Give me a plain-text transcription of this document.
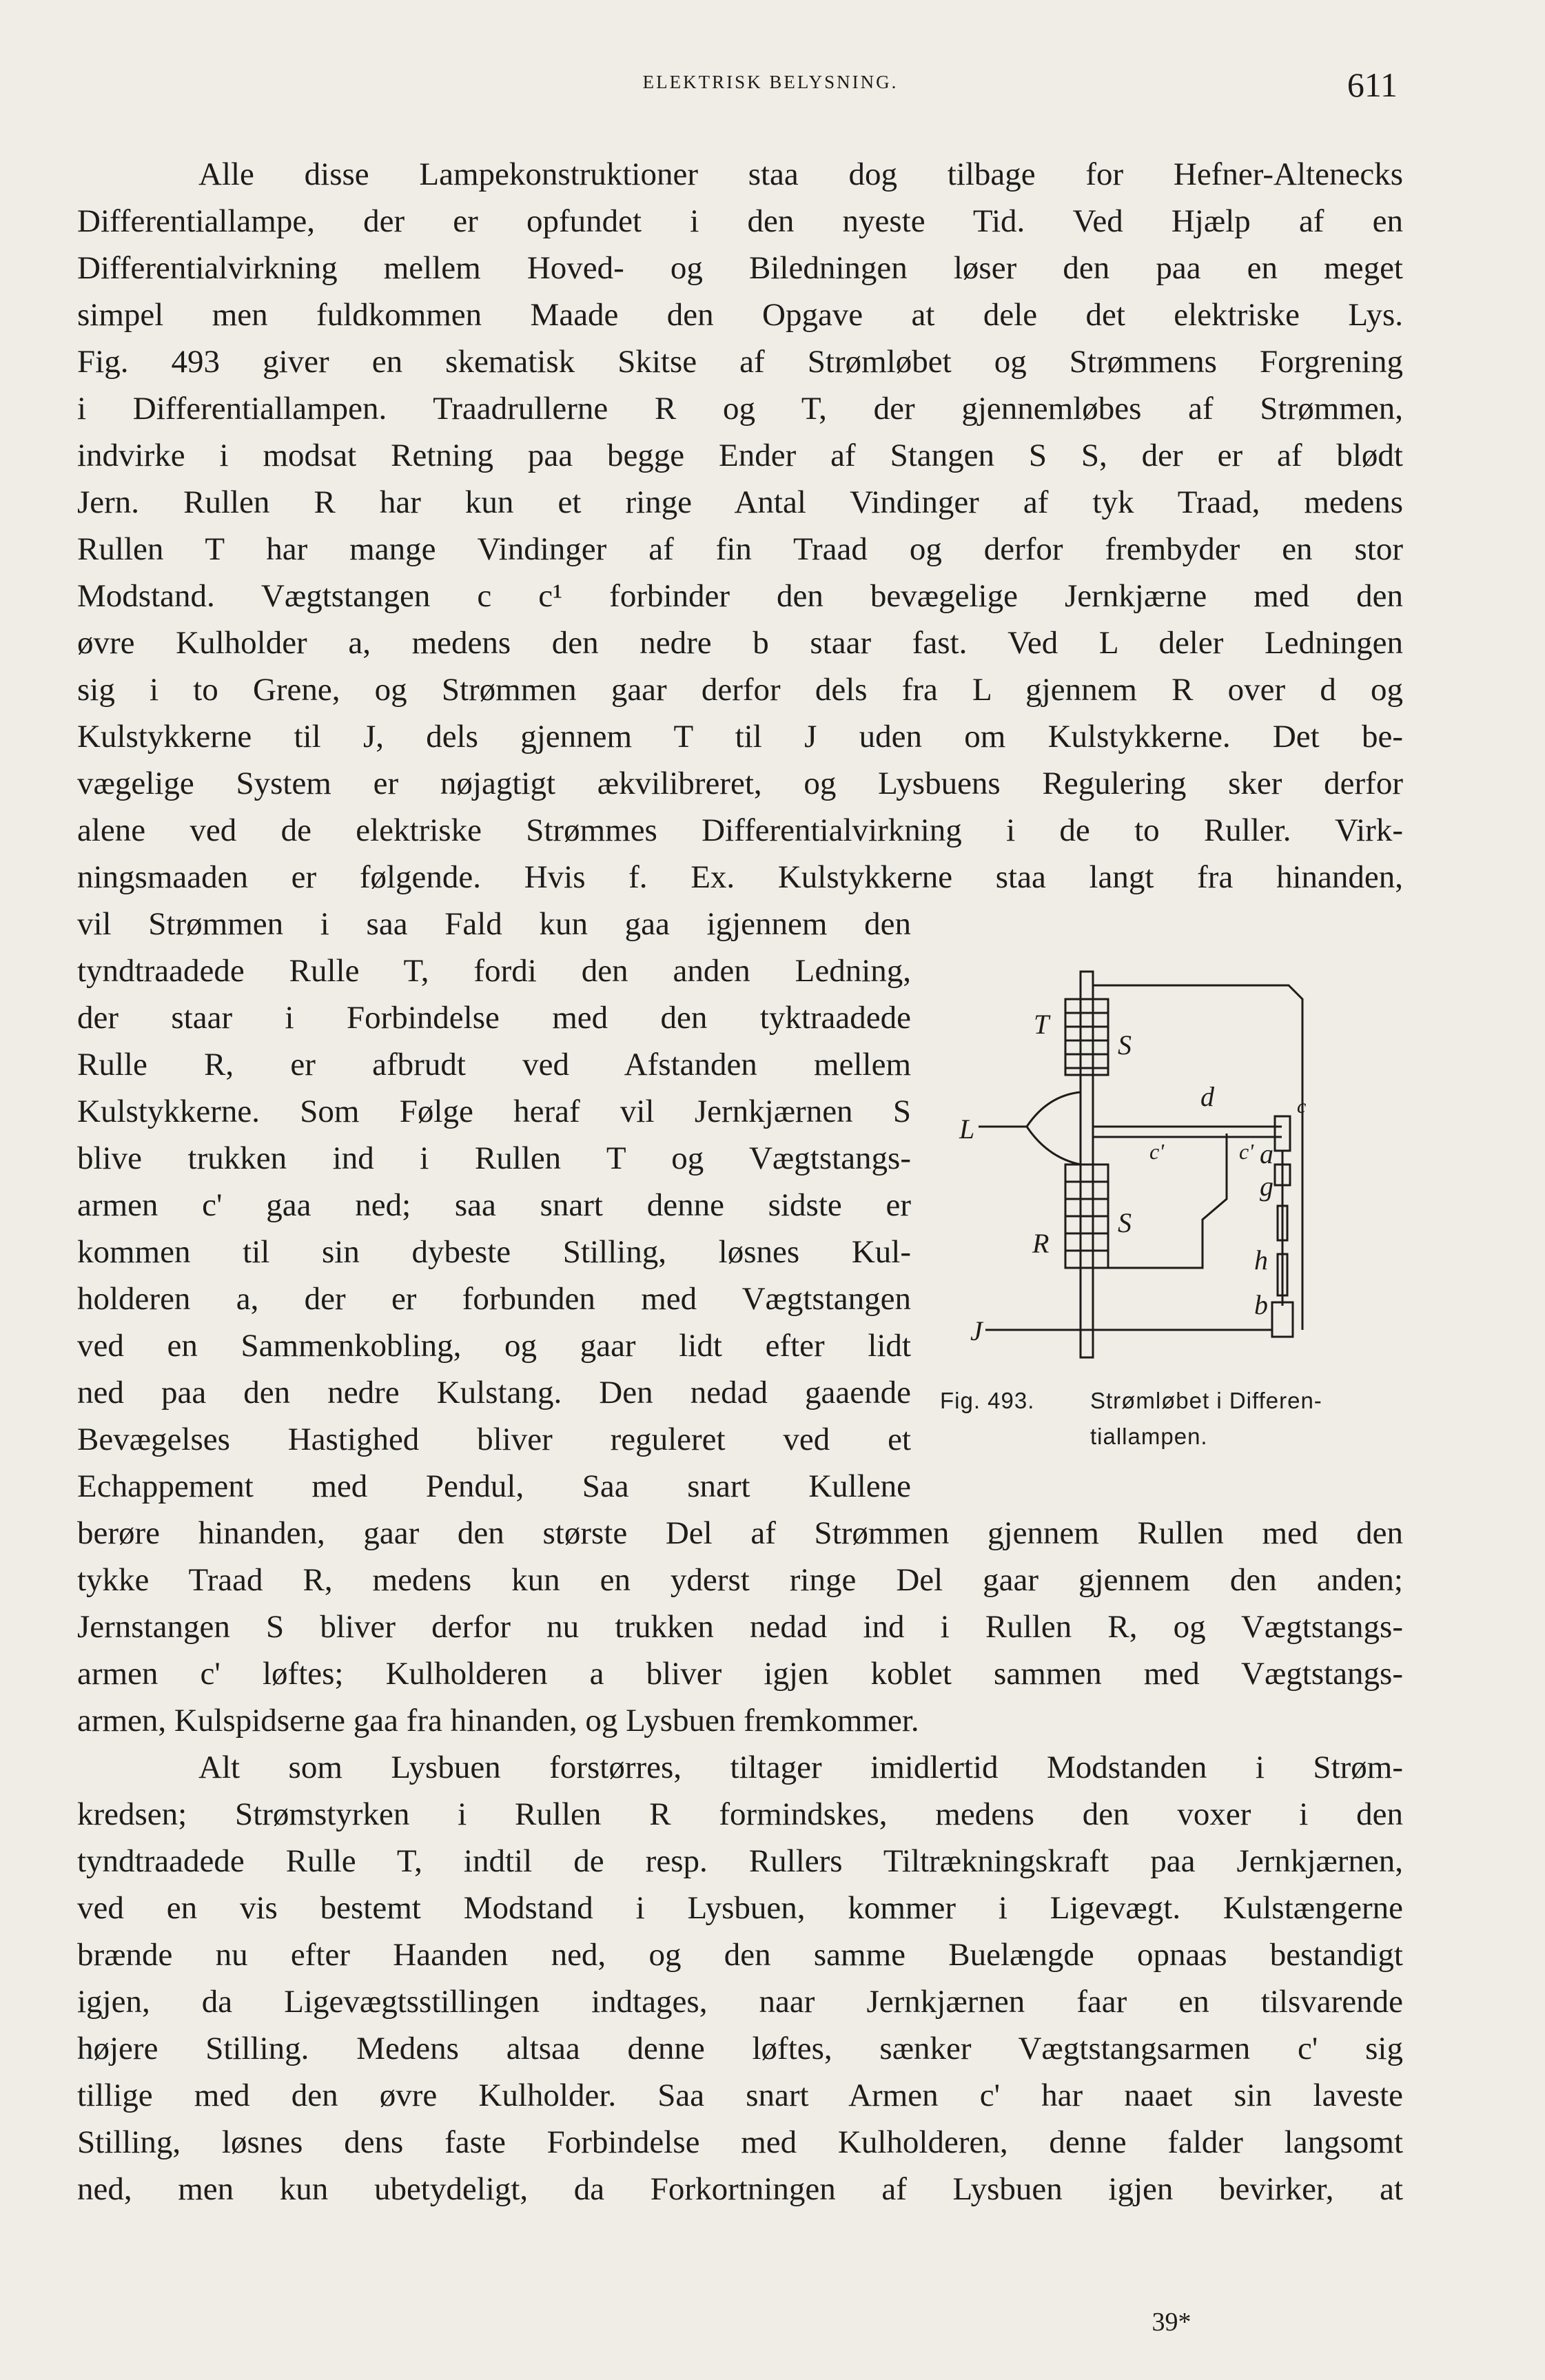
ELEKTRISK BELYSNING.	611
Alle disse Lampekonstruktioner staa dog tilbage for Hefner-Altenecks
Differentiallampe, der er opfundet i den nyeste Tid. Ved Hjælp af en
Differentialvirkning mellem Hoved- og Biledningen løser den paa en meget
simpel men fuldkommen Maade den Opgave at dele det elektriske Lys.
Fig. 493 giver en skematisk Skitse af Strømløbet og Strømmens Forgrening
i Differentiallampen. Traadrullerne R og T, der gjennemløbes af Strømmen,
indvirke i modsat Retning paa begge Ender af Stangen S S, der er af blødt
Jern. Rullen R har kun et ringe Antal Vindinger af tyk Traad, medens
Rullen T har mange Vindinger af fin Traad og derfor frembyder en stor
Modstand. Vægtstangen c c¹ forbinder den bevægelige Jernkjærne med den
øvre Kulholder a, medens den nedre b staar fast. Ved L deler Ledningen
sig i to Grene, og Strømmen gaar derfor dels fra L gjennem R over d og
Kulstykkerne til J, dels gjennem T til J uden om Kulstykkerne. Det be-
vægelige System er nøjagtigt ækvilibreret, og Lysbuens Regulering sker derfor
alene ved de elektriske Strømmes Differentialvirkning i de to Ruller. Virk-
ningsmaaden er følgende. Hvis f. Ex. Kulstykkerne staa langt fra hinanden,
vil Strømmen i saa Fald kun gaa igjennem den
tyndtraadede Rulle T, fordi den anden Ledning,
der staar i Forbindelse med den tyktraadede
Rulle R, er afbrudt ved Afstanden mellem
Kulstykkerne. Som Følge heraf vil Jernkjærnen S
blive trukken ind i Rullen T og Vægtstangs-
armen c' gaa ned; saa snart denne sidste er
kommen til sin dybeste Stilling, løsnes Kul-
holderen a, der er forbunden med Vægtstangen
ved en Sammenkobling, og gaar lidt efter lidt
ned paa den nedre Kulstang. Den nedad gaaende
Bevægelses Hastighed bliver reguleret ved et
Echappement med Pendul, Saa snart Kullene
berøre hinanden, gaar den største Del af Strømmen gjennem Rullen med den
tykke Traad R, medens kun en yderst ringe Del gaar gjennem den anden;
Jernstangen S bliver derfor nu trukken nedad ind i Rullen R, og Vægtstangs-
armen c' løftes; Kulholderen a bliver igjen koblet sammen med Vægtstangs-
armen, Kulspidserne gaa fra hinanden, og Lysbuen fremkommer.
Alt som Lysbuen forstørres, tiltager imidlertid Modstanden i Strøm-
kredsen; Strømstyrken i Rullen R formindskes, medens den voxer i den
tyndtraadede Rulle T, indtil de resp. Rullers Tiltrækningskraft paa Jernkjærnen,
ved en vis bestemt Modstand i Lysbuen, kommer i Ligevægt. Kulstængerne
brænde nu efter Haanden ned, og den samme Buelængde opnaas bestandigt
igjen, da Ligevægtsstillingen indtages, naar Jernkjærnen faar en tilsvarende
højere Stilling. Medens altsaa denne løftes, sænker Vægtstangsarmen c' sig
tillige med den øvre Kulholder. Saa snart Armen c' har naaet sin laveste
Stilling, løsnes dens faste Forbindelse med Kulholderen, denne falder langsomt
ned, men kun ubetydeligt, da Forkortningen af Lysbuen igjen bevirker, at
T
S
L
d
c'	c' a
c
g
S
R
h
b
J
Fig. 493. Strømløbet i Differen-
tiallampen.
39*
